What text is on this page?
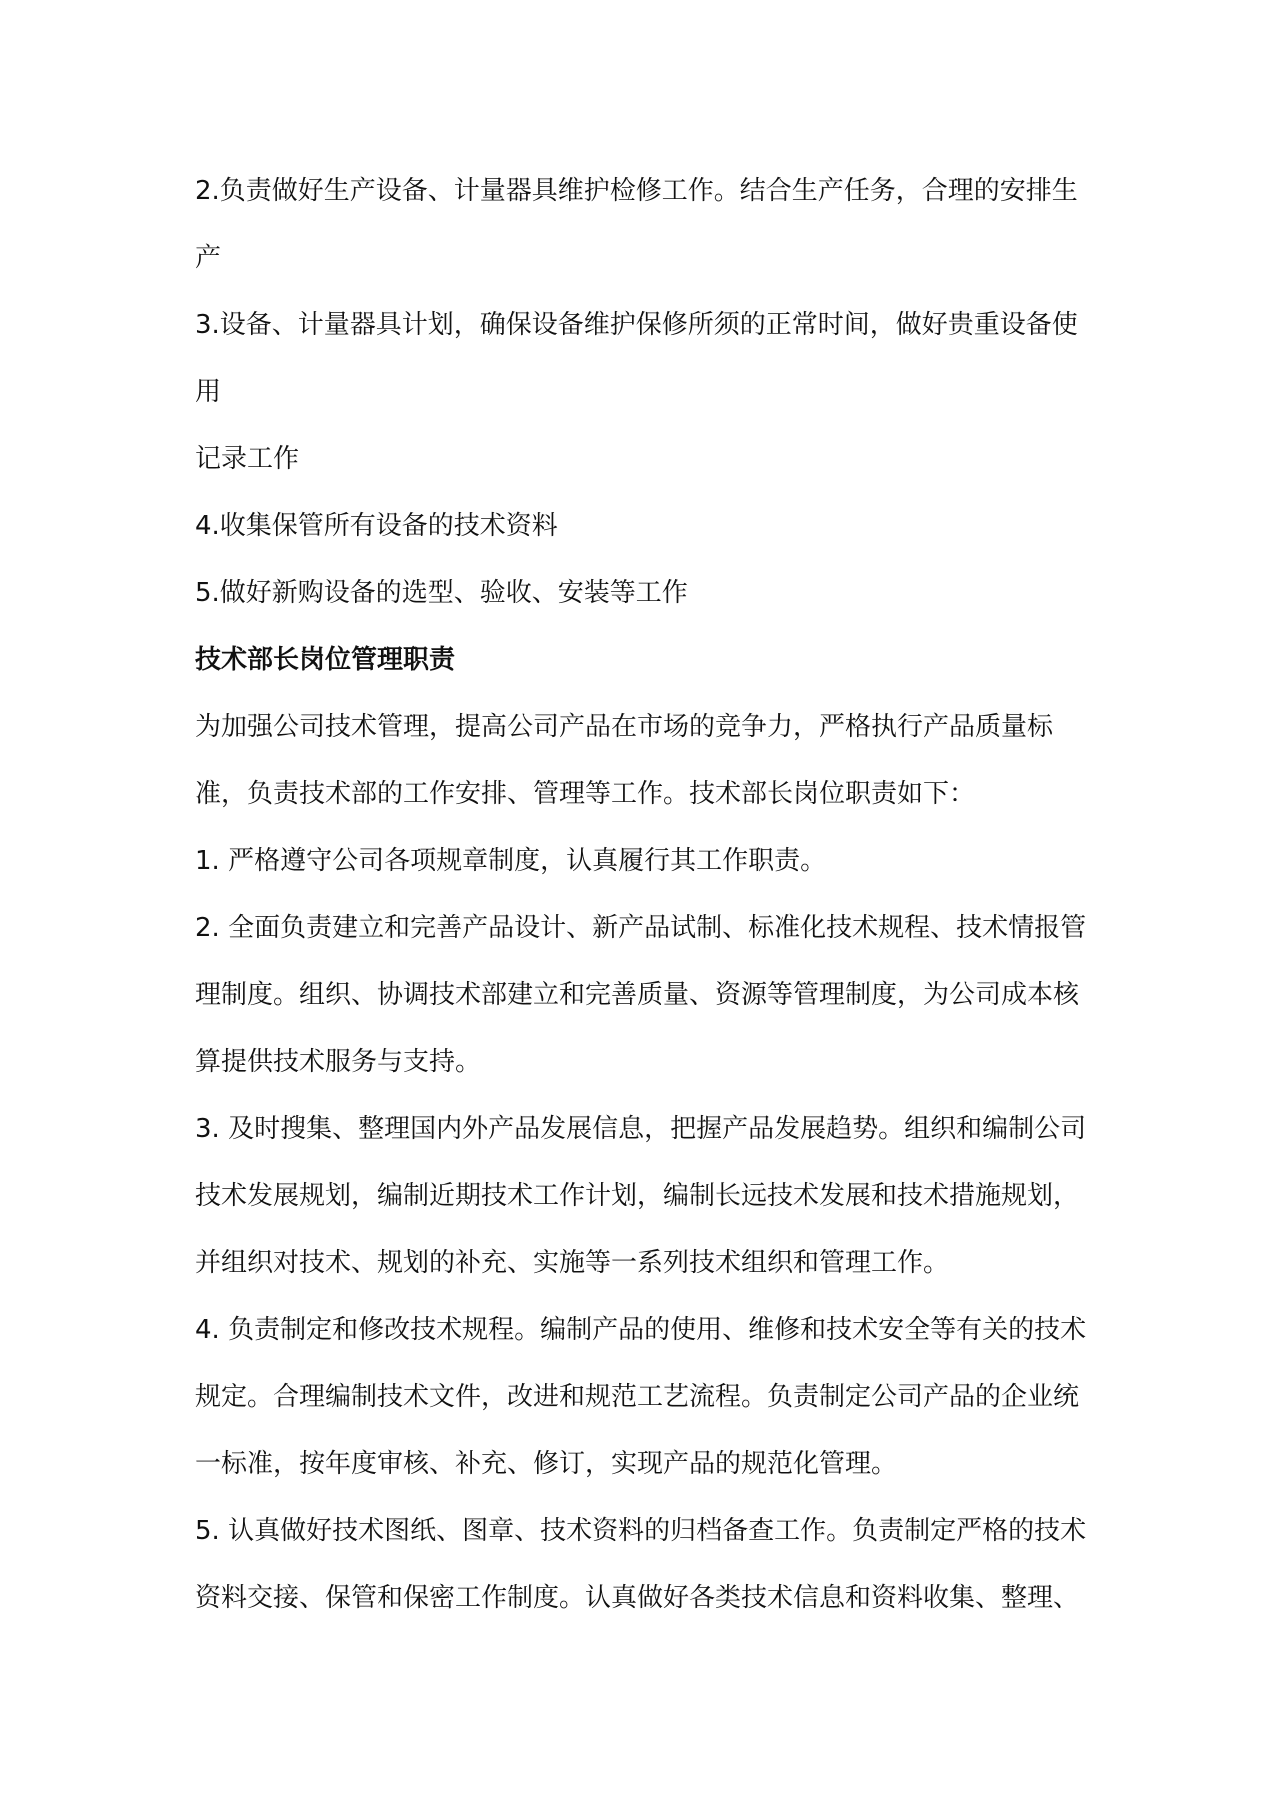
2.负责做好生产设备、计量器具维护检修工作。结合生产任务，合理的安排生
产
3.设备、计量器具计划，确保设备维护保修所须的正常时间，做好贵重设备使
用
记录工作
4.收集保管所有设备的技术资料
5.做好新购设备的选型、验收、安装等工作
技术部长岗位管理职责
为加强公司技术管理，提高公司产品在市场的竞争力，严格执行产品质量标
准，负责技术部的工作安排、管理等工作。技术部长岗位职责如下：
1. 严格遵守公司各项规章制度，认真履行其工作职责。
2. 全面负责建立和完善产品设计、新产品试制、标准化技术规程、技术情报管
理制度。组织、协调技术部建立和完善质量、资源等管理制度，为公司成本核
算提供技术服务与支持。
3. 及时搜集、整理国内外产品发展信息，把握产品发展趋势。组织和编制公司
技术发展规划，编制近期技术工作计划，编制长远技术发展和技术措施规划，
并组织对技术、规划的补充、实施等一系列技术组织和管理工作。
4. 负责制定和修改技术规程。编制产品的使用、维修和技术安全等有关的技术
规定。合理编制技术文件，改进和规范工艺流程。负责制定公司产品的企业统
一标准，按年度审核、补充、修订，实现产品的规范化管理。
5. 认真做好技术图纸、图章、技术资料的归档备查工作。负责制定严格的技术
资料交接、保管和保密工作制度。认真做好各类技术信息和资料收集、整理、
